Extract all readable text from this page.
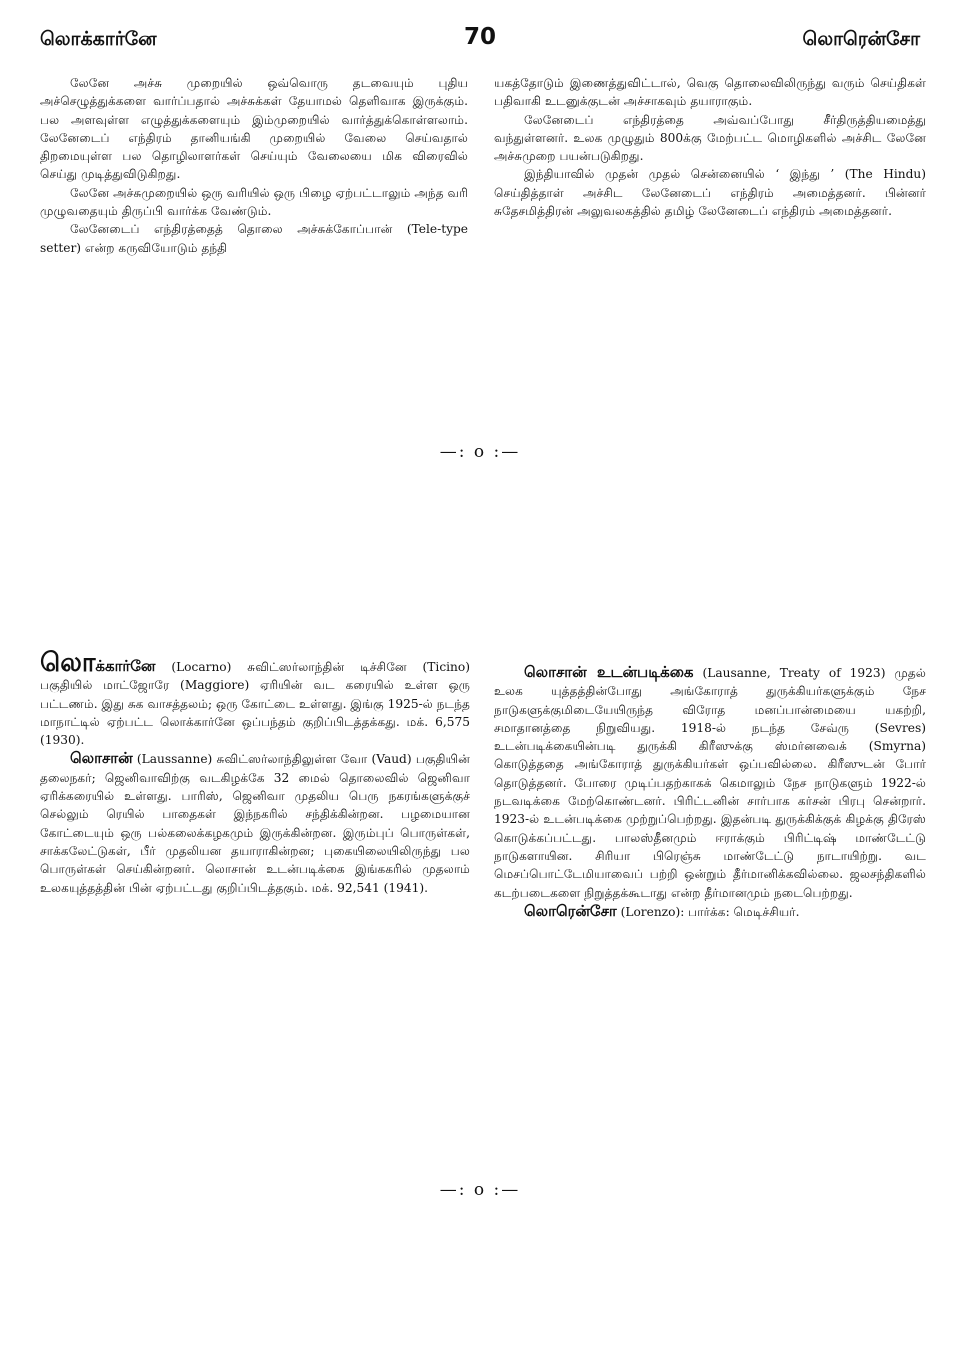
லொக்கார்னே	70	லொரென்சோ

லேனே அச்சு முறையில் ஒவ்வொரு தடவையும் புதிய அச்செழுத்துக்களை வார்ப்பதால் அச்சுக்கள் தேயாமல் தெளிவாக இருக்கும். பல அளவுள்ள எழுத்துக்களையும் இம்முறையில் வார்த்துக்கொள்ளலாம். லேனேடைப் எந்திரம் தானியங்கி முறையில் வேலை செய்வதால் திறமையுள்ள பல தொழிலாளர்கள் செய்யும் வேலையை மிக விரைவில் செய்து முடித்துவிடுகிறது.

லேனே அச்சுமுறையில் ஒரு வரியில் ஒரு பிழை ஏற்பட்டாலும் அந்த வரி முழுவதையும் திருப்பி வார்க்க வேண்டும்.

லேனேடைப் எந்திரத்தைத் தொலை அச்சுக்கோப்பான் (Tele-type setter) என்ற கருவியோடும் தந்தி

யகத்தோடும் இணைத்துவிட்டால், வெகு தொலைவிலிருந்து வரும் செய்திகள் பதிவாகி உடனுக்குடன் அச்சாகவும் தயாராகும்.

லேனேடைப் எந்திரத்தை அவ்வப்போது சீர்திருத்தியமைத்து வந்துள்ளனர். உலக முழுதும் 800க்கு மேற்பட்ட மொழிகளில் அச்சிட லேனே அச்சுமுறை பயன்படுகிறது.

இந்தியாவில் முதன் முதல் சென்னையில் ‘ இந்து ’ (The Hindu) செய்தித்தாள் அச்சிட லேனேடைப் எந்திரம் அமைத்தனர். பின்னர் சுதேசமித்திரன் அலுவலகத்தில் தமிழ் லேனேடைப் எந்திரம் அமைத்தனர்.

—: o :—

லொக்கார்னே (Locarno) சுவிட்ஸர்லாந்தின் டிச்சினே (Ticino) பகுதியில் மாட்ஜோரே (Maggiore) ஏரியின் வட கரையில் உள்ள ஒரு பட்டணம். இது சுக வாசத்தலம்; ஒரு கோட்டை உள்ளது. இங்கு 1925-ல் நடந்த மாநாட்டில் ஏற்பட்ட லொக்கார்னே ஒப்பந்தம் குறிப்பிடத்தக்கது. மக். 6,575 (1930).

லொசான் (Laussanne) சுவிட்ஸர்லாந்திலுள்ள வோ (Vaud) பகுதியின் தலைநகர்; ஜெனிவாவிற்கு வடகிழக்கே 32 மைல் தொலைவில் ஜெனிவா ஏரிக்கரையில் உள்ளது. பாரிஸ், ஜெனிவா முதலிய பெரு நகரங்களுக்குச் செல்லும் ரெயில் பாதைகள் இந்நகரில் சந்திக்கின்றன. பழமையான கோட்டையும் ஒரு பல்கலைக்கழகமும் இருக்கின்றன. இரும்புப் பொருள்கள், சாக்கலேட்டுகள், பீர் முதலியன தயாராகின்றன; புகையிலையிலிருந்து பல பொருள்கள் செய்கின்றனர். லொசான் உடன்படிக்கை இங்ககரில் முதலாம் உலகயுத்தத்தின் பின் ஏற்பட்டது குறிப்பிடத்தகும். மக். 92,541 (1941).

லொசான் உடன்படிக்கை (Lausanne, Treaty of 1923) முதல் உலக யுத்தத்தின்போது அங்கோராத் துருக்கியர்களுக்கும் நேச நாடுகளுக்குமிடையேயிருந்த விரோத மனப்பான்மையை யகற்றி, சமாதானத்தை நிறுவியது. 1918-ல் நடந்த சேவ்ரு (Sevres) உடன்படிக்கையின்படி துருக்கி கிரீஸுக்கு ஸ்மர்னவைக் (Smyrna) கொடுத்ததை அங்கோராத் துருக்கியர்கள் ஒப்பவில்லை. கிரீஸுடன் போர் தொடுத்தனர். போரை முடிப்பதற்காகக் கெமாலும் நேச நாடுகளும் 1922-ல் நடவடிக்கை மேற்கொண்டனர். பிரிட்டனின் சார்பாக கர்சன் பிரபு சென்றார். 1923-ல் உடன்படிக்கை முற்றுப்பெற்றது. இதன்படி துருக்கிக்குக் கிழக்கு திரேஸ் கொடுக்கப்பட்டது. பாலஸ்தீனமும் ஈராக்கும் பிரிட்டிஷ் மாண்டேட்டு நாடுகளாயின. சிரியா பிரெஞ்சு மாண்டேட்டு நாடாயிற்று. வட மெசப்பொட்டேமியாவைப் பற்றி ஒன்றும் தீர்மானிக்கவில்லை. ஜலசந்திகளில் கடற்படைகளை நிறுத்தக்கூடாது என்ற தீர்மானமும் நடைபெற்றது.

லொரென்சோ (Lorenzo): பார்க்க: மெடிச்சியர்.

—: o :—
